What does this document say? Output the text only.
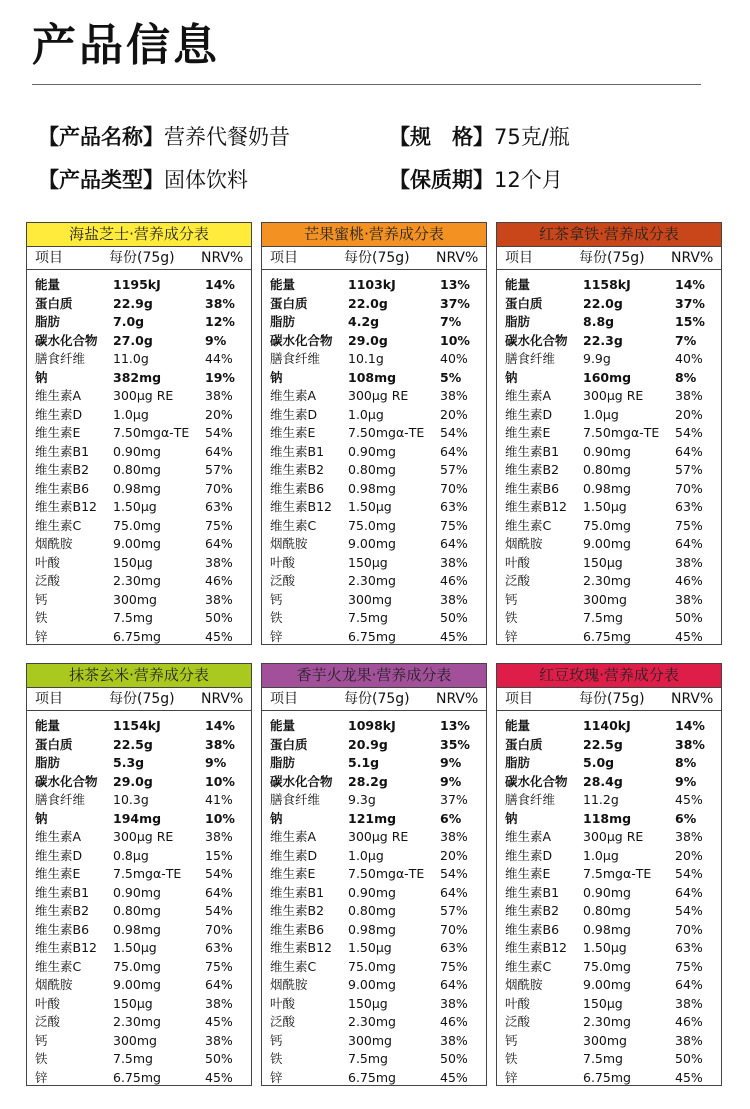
产品信息
【产品名称】营养代餐奶昔	【规　格】75克/瓶
【产品类型】固体饮料	【保质期】12个月
海盐芝士·营养成分表
项目	每份(75g) NRV%
能量	1195kJ	14%
蛋白质	22.9g	38%
脂肪	7.0g	12%
碳水化合物 27.0g	9%
膳食纤维 11.0g	44%
钠	382mg	19%
维生素A	300μg RE	38%
维生素D 1.0μg	20%
维生素E	7.50mgα-TE 54%
维生素B1 0.90mg	64%
维生素B2 0.80mg	57%
维生素B6 0.98mg	70%
维生素B12 1.50μg	63%
维生素C	75.0mg	75%
烟酰胺	9.00mg	64%
叶酸	150μg	38%
泛酸	2.30mg	46%
钙	300mg	38%
铁	7.5mg	50%
锌	6.75mg	45%
芒果蜜桃·营养成分表
项目	每份(75g) NRV%
能量	1103kJ	13%
蛋白质	22.0g	37%
脂肪	4.2g	7%
碳水化合物 29.0g	10%
膳食纤维 10.1g	40%
钠	108mg	5%
维生素A	300μg RE	38%
维生素D 1.0μg	20%
维生素E	7.50mgα-TE 54%
维生素B1 0.90mg	64%
维生素B2 0.80mg	57%
维生素B6 0.98mg	70%
维生素B12 1.50μg	63%
维生素C	75.0mg	75%
烟酰胺	9.00mg	64%
叶酸	150μg	38%
泛酸	2.30mg	46%
钙	300mg	38%
铁	7.5mg	50%
锌	6.75mg	45%
红茶拿铁·营养成分表
项目	每份(75g) NRV%
能量	1158kJ	14%
蛋白质	22.0g	37%
脂肪	8.8g	15%
碳水化合物 22.3g	7%
膳食纤维 9.9g	40%
钠	160mg	8%
维生素A	300μg RE	38%
维生素D 1.0μg	20%
维生素E	7.50mgα-TE 54%
维生素B1 0.90mg	64%
维生素B2 0.80mg	57%
维生素B6 0.98mg	70%
维生素B12 1.50μg	63%
维生素C	75.0mg	75%
烟酰胺	9.00mg	64%
叶酸	150μg	38%
泛酸	2.30mg	46%
钙	300mg	38%
铁	7.5mg	50%
锌	6.75mg	45%
抹茶玄米·营养成分表
项目	每份(75g) NRV%
能量	1154kJ	14%
蛋白质	22.5g	38%
脂肪	5.3g	9%
碳水化合物 29.0g	10%
膳食纤维 10.3g	41%
钠	194mg	10%
维生素A	300μg RE	38%
维生素D 0.8μg	15%
维生素E	7.5mgα-TE 54%
维生素B1 0.90mg	64%
维生素B2 0.80mg	54%
维生素B6 0.98mg	70%
维生素B12 1.50μg	63%
维生素C	75.0mg	75%
烟酰胺	9.00mg	64%
叶酸	150μg	38%
泛酸	2.30mg	45%
钙	300mg	38%
铁	7.5mg	50%
锌	6.75mg	45%
香芋火龙果·营养成分表
项目	每份(75g) NRV%
能量	1098kJ	13%
蛋白质	20.9g	35%
脂肪	5.1g	9%
碳水化合物 28.2g	9%
膳食纤维 9.3g	37%
钠	121mg	6%
维生素A	300μg RE	38%
维生素D 1.0μg	20%
维生素E	7.50mgα-TE 54%
维生素B1 0.90mg	64%
维生素B2 0.80mg	57%
维生素B6 0.98mg	70%
维生素B12 1.50μg	63%
维生素C	75.0mg	75%
烟酰胺	9.00mg	64%
叶酸	150μg	38%
泛酸	2.30mg	46%
钙	300mg	38%
铁	7.5mg	50%
锌	6.75mg	45%
红豆玫瑰·营养成分表
项目	每份(75g) NRV%
能量	1140kJ	14%
蛋白质	22.5g	38%
脂肪	5.0g	8%
碳水化合物 28.4g	9%
膳食纤维 11.2g	45%
钠	118mg	6%
维生素A	300μg RE	38%
维生素D 1.0μg	20%
维生素E	7.5mgα-TE 54%
维生素B1 0.90mg	64%
维生素B2 0.80mg	54%
维生素B6 0.98mg	70%
维生素B12 1.50μg	63%
维生素C	75.0mg	75%
烟酰胺	9.00mg	64%
叶酸	150μg	38%
泛酸	2.30mg	46%
钙	300mg	38%
铁	7.5mg	50%
锌	6.75mg	45%
